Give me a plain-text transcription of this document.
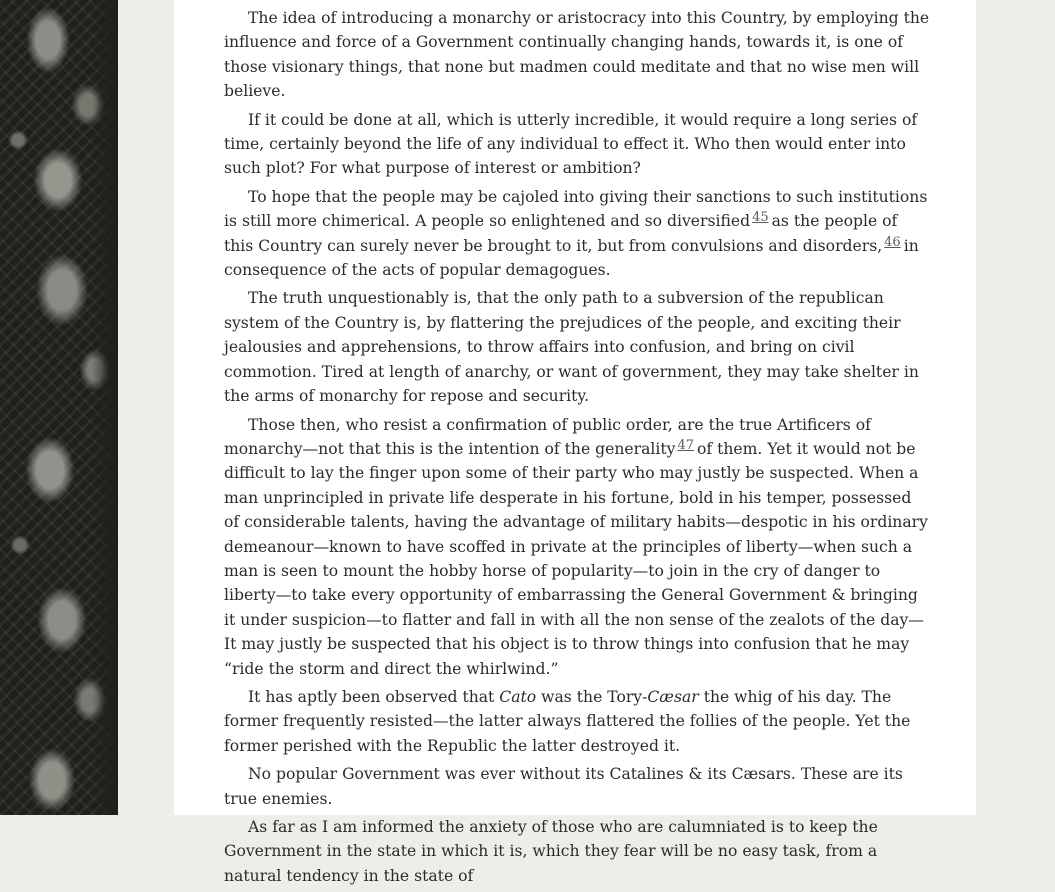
The idea of introducing a monarchy or aristocracy into this Country, by employing the influence and force of a Government continually changing hands, towards it, is one of those visionary things, that none but madmen could meditate and that no wise men will believe.

If it could be done at all, which is utterly incredible, it would require a long series of time, certainly beyond the life of any individual to effect it. Who then would enter into such plot? For what purpose of interest or ambition?

To hope that the people may be cajoled into giving their sanctions to such institutions is still more chimerical. A people so enlightened and so diversified $^{45}$ as the people of this Country can surely never be brought to it, but from convulsions and disorders, $^{46}$ in consequence of the acts of popular demagogues.

The truth unquestionably is, that the only path to a subversion of the republican system of the Country is, by flattering the prejudices of the people, and exciting their jealousies and apprehensions, to throw affairs into confusion, and bring on civil commotion. Tired at length of anarchy, or want of government, they may take shelter in the arms of monarchy for repose and security.

Those then, who resist a confirmation of public order, are the true Artificers of monarchy—not that this is the intention of the generality $^{47}$ of them. Yet it would not be difficult to lay the finger upon some of their party who may justly be suspected. When a man unprincipled in private life desperate in his fortune, bold in his temper, possessed of considerable talents, having the advantage of military habits—despotic in his ordinary demeanour—known to have scoffed in private at the principles of liberty—when such a man is seen to mount the hobby horse of popularity—to join in the cry of danger to liberty—to take every opportunity of embarrassing the General Government & bringing it under suspicion—to flatter and fall in with all the non sense of the zealots of the day—It may justly be suspected that his object is to throw things into confusion that he may “ride the storm and direct the whirlwind.”

It has aptly been observed that Cato was the Tory-Cæsar the whig of his day. The former frequently resisted—the latter always flattered the follies of the people. Yet the former perished with the Republic the latter destroyed it.

No popular Government was ever without its Catalines & its Cæsars. These are its true enemies.

As far as I am informed the anxiety of those who are calumniated is to keep the Government in the state in which it is, which they fear will be no easy task, from a natural tendency in the state of
